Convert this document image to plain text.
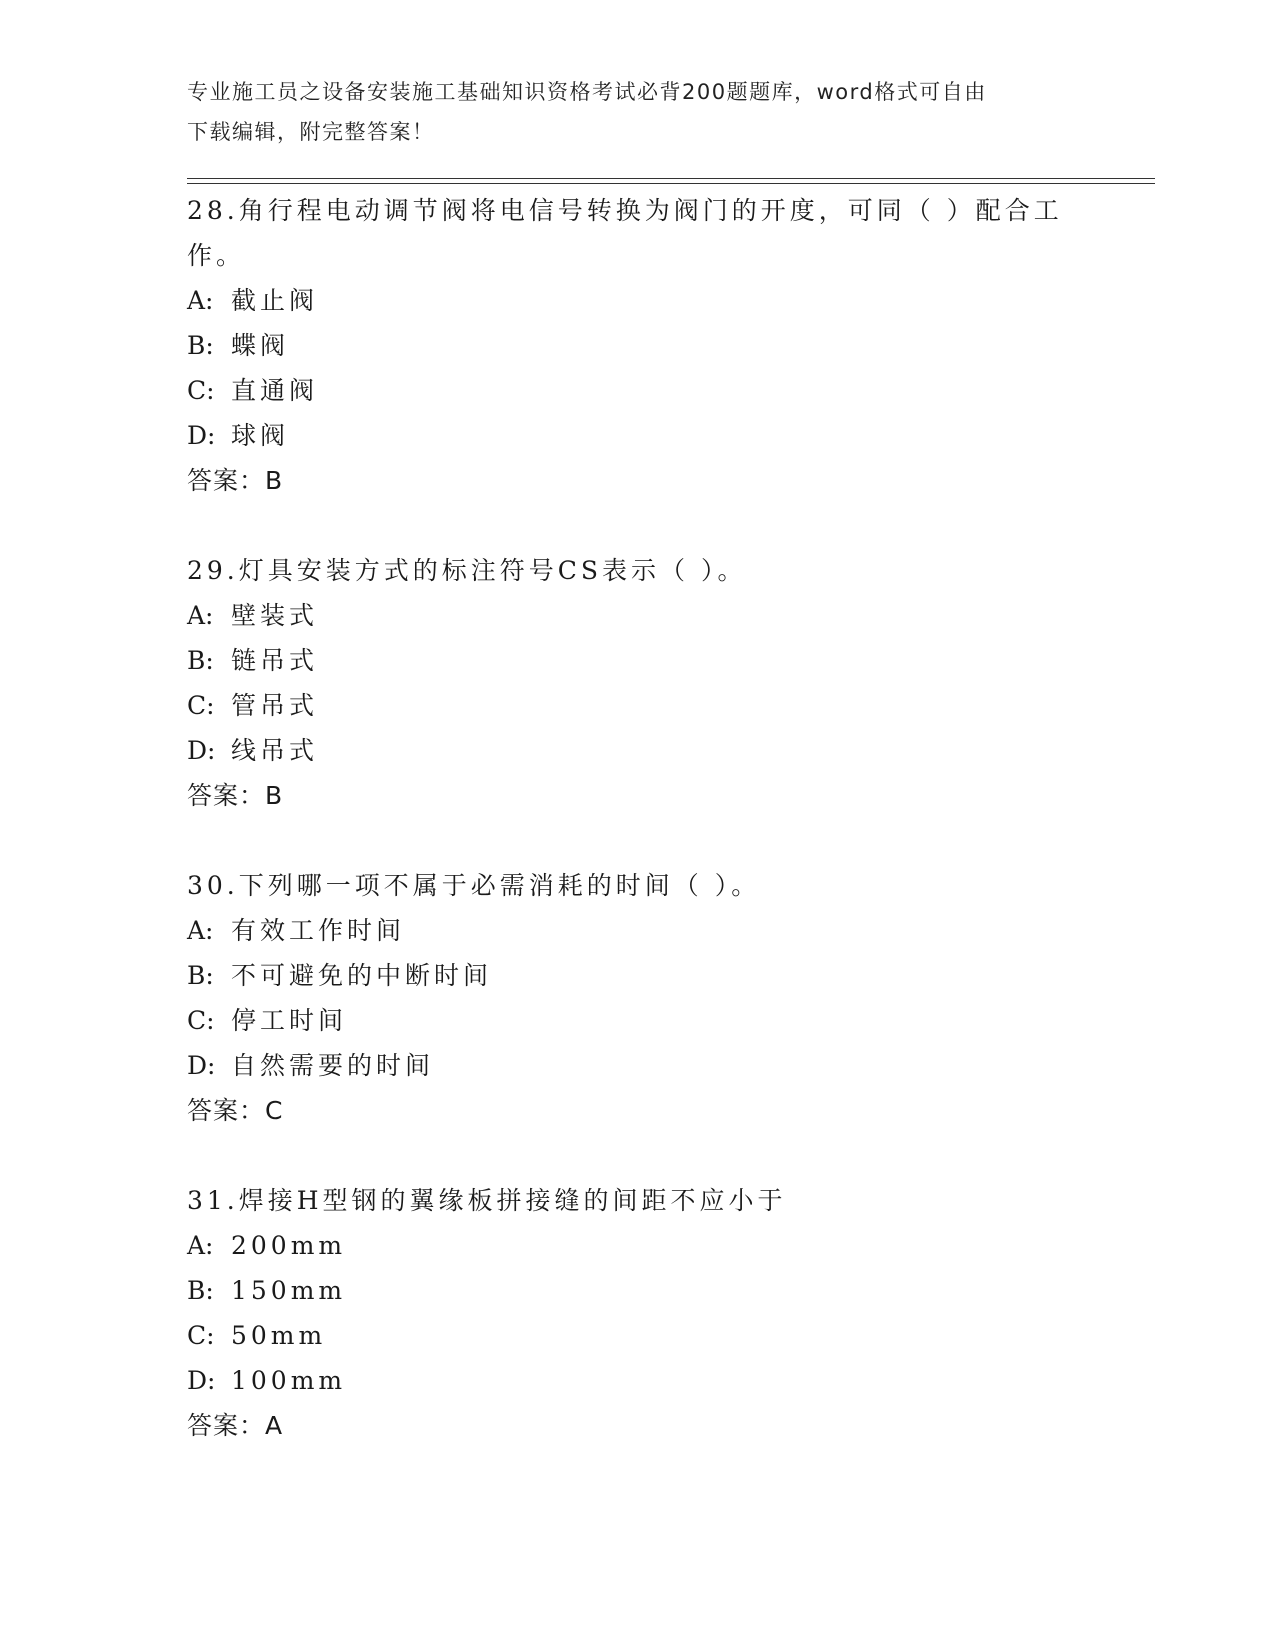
专业施工员之设备安装施工基础知识资格考试必背200题题库，word格式可自由
下载编辑，附完整答案！

28.角行程电动调节阀将电信号转换为阀门的开度，可同（ ）配合工

作。

A: 截止阀

B: 蝶阀

C: 直通阀

D: 球阀

答案：B

29.灯具安装方式的标注符号CS表示（ ）。

A: 壁装式

B: 链吊式

C: 管吊式

D: 线吊式

答案：B

30.下列哪一项不属于必需消耗的时间（ ）。

A: 有效工作时间

B: 不可避免的中断时间

C: 停工时间

D: 自然需要的时间

答案：C

31.焊接H型钢的翼缘板拼接缝的间距不应小于

A: 200mm

B: 150mm

C: 50mm

D: 100mm

答案：A
